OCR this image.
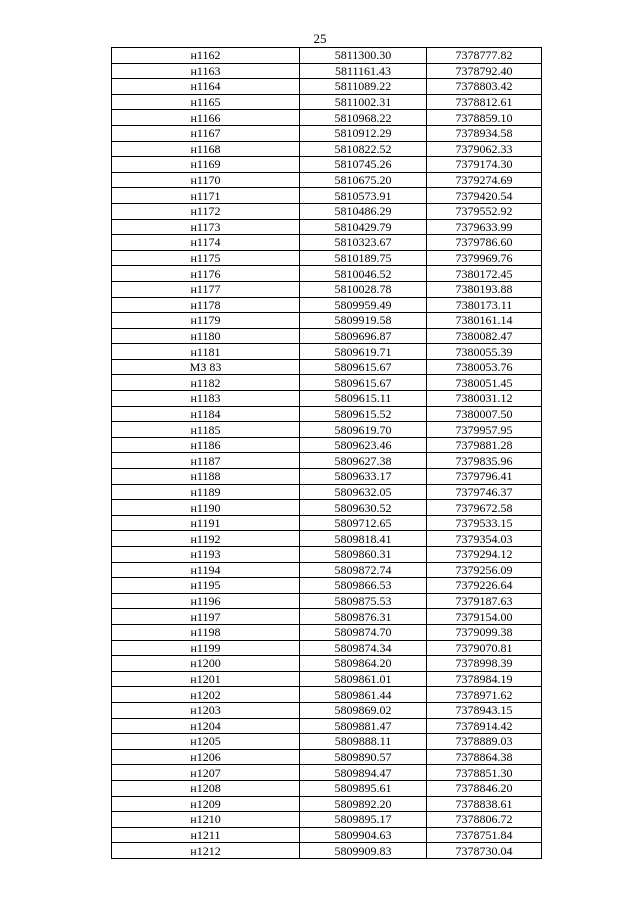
25
н1162	5811300.30	7378777.82
н1163	5811161.43	7378792.40
н1164	5811089.22	7378803.42
н1165	5811002.31	7378812.61
н1166	5810968.22	7378859.10
н1167	5810912.29	7378934.58
н1168	5810822.52	7379062.33
н1169	5810745.26	7379174.30
н1170	5810675.20	7379274.69
н1171	5810573.91	7379420.54
н1172	5810486.29	7379552.92
н1173	5810429.79	7379633.99
н1174	5810323.67	7379786.60
н1175	5810189.75	7379969.76
н1176	5810046.52	7380172.45
н1177	5810028.78	7380193.88
н1178	5809959.49	7380173.11
н1179	5809919.58	7380161.14
н1180	5809696.87	7380082.47
н1181	5809619.71	7380055.39
МЗ 83	5809615.67	7380053.76
н1182	5809615.67	7380051.45
н1183	5809615.11	7380031.12
н1184	5809615.52	7380007.50
н1185	5809619.70	7379957.95
н1186	5809623.46	7379881.28
н1187	5809627.38	7379835.96
н1188	5809633.17	7379796.41
н1189	5809632.05	7379746.37
н1190	5809630.52	7379672.58
н1191	5809712.65	7379533.15
н1192	5809818.41	7379354.03
н1193	5809860.31	7379294.12
н1194	5809872.74	7379256.09
н1195	5809866.53	7379226.64
н1196	5809875.53	7379187.63
н1197	5809876.31	7379154.00
н1198	5809874.70	7379099.38
н1199	5809874.34	7379070.81
н1200	5809864.20	7378998.39
н1201	5809861.01	7378984.19
н1202	5809861.44	7378971.62
н1203	5809869.02	7378943.15
н1204	5809881.47	7378914.42
н1205	5809888.11	7378889.03
н1206	5809890.57	7378864.38
н1207	5809894.47	7378851.30
н1208	5809895.61	7378846.20
н1209	5809892.20	7378838.61
н1210	5809895.17	7378806.72
н1211	5809904.63	7378751.84
н1212	5809909.83	7378730.04
